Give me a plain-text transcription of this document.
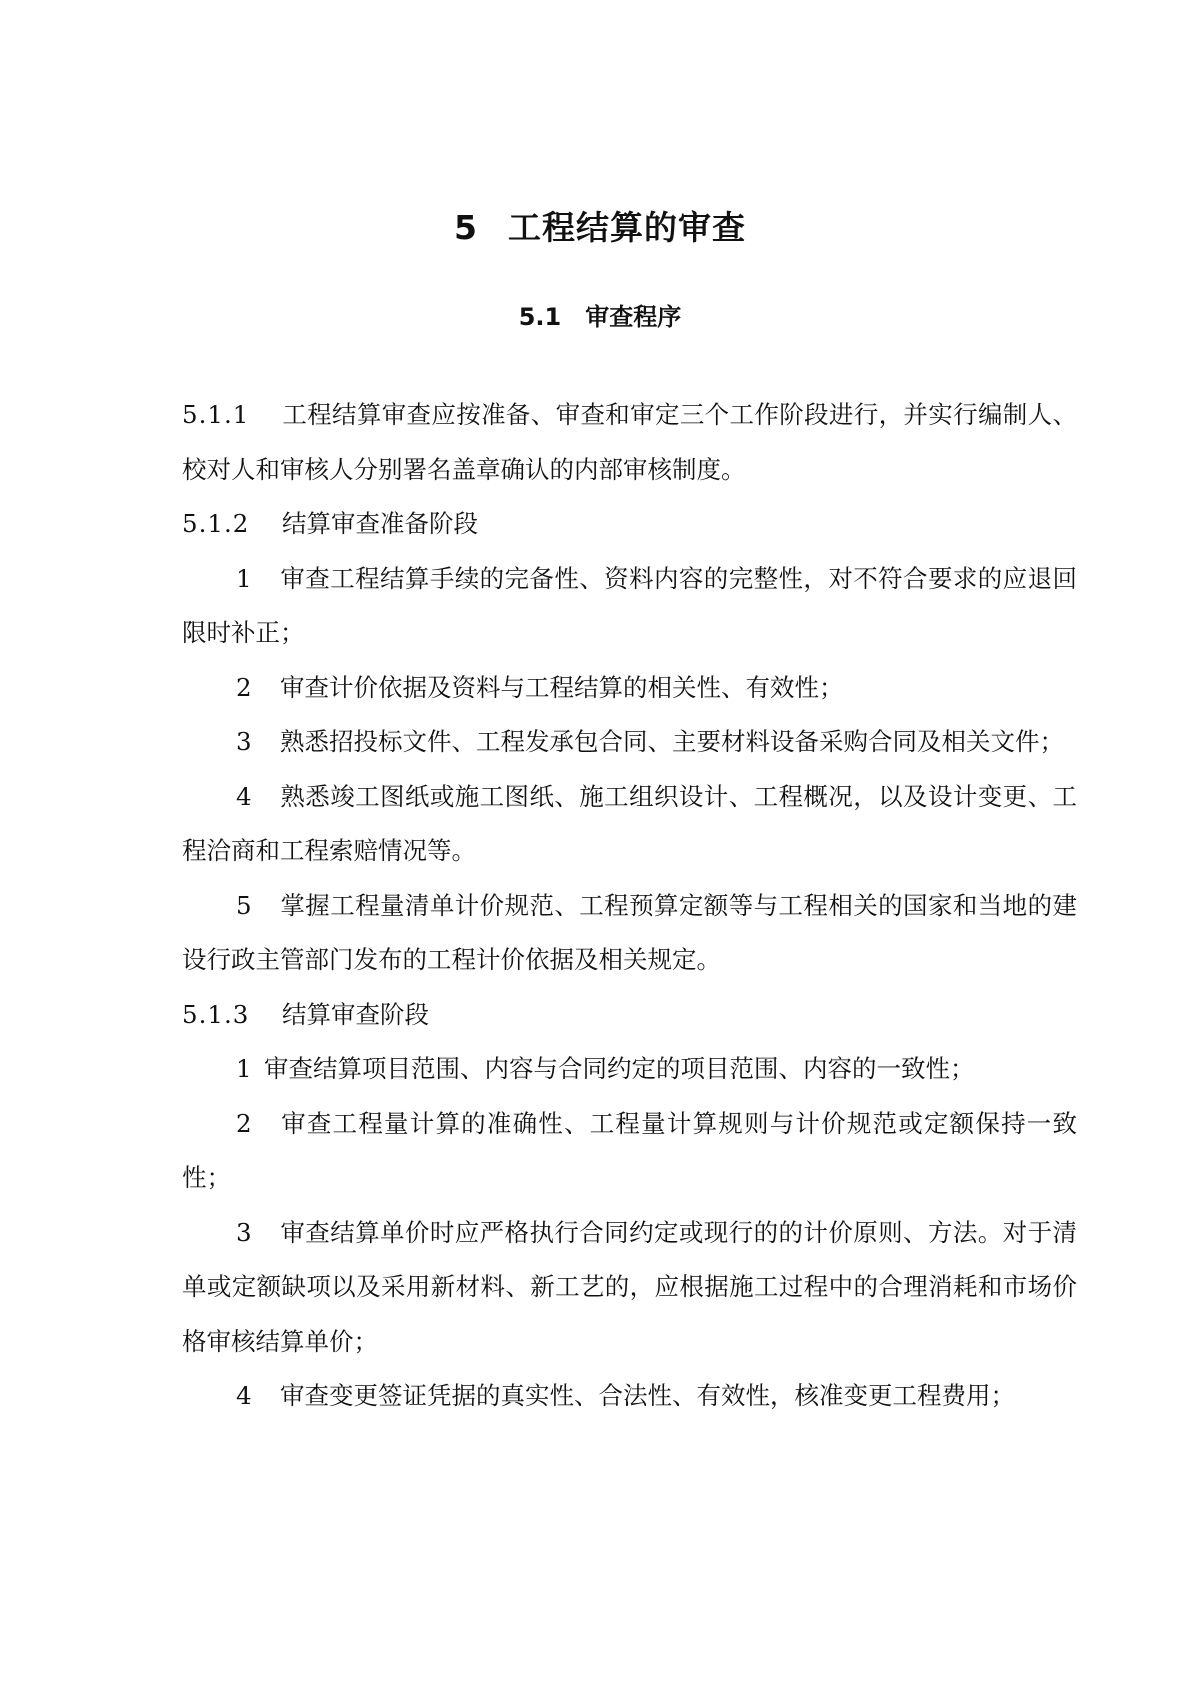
5 工程结算的审查
5.1 审查程序

5.1.1 工程结算审查应按准备、审查和审定三个工作阶段进行，并实行编制人、校对人和审核人分别署名盖章确认的内部审核制度。

5.1.2 结算审查准备阶段

1 审查工程结算手续的完备性、资料内容的完整性，对不符合要求的应退回限时补正；

2 审查计价依据及资料与工程结算的相关性、有效性；

3 熟悉招投标文件、工程发承包合同、主要材料设备采购合同及相关文件；

4 熟悉竣工图纸或施工图纸、施工组织设计、工程概况，以及设计变更、工程洽商和工程索赔情况等。

5 掌握工程量清单计价规范、工程预算定额等与工程相关的国家和当地的建设行政主管部门发布的工程计价依据及相关规定。

5.1.3 结算审查阶段

1 审查结算项目范围、内容与合同约定的项目范围、内容的一致性；

2 审查工程量计算的准确性、工程量计算规则与计价规范或定额保持一致性；

3 审查结算单价时应严格执行合同约定或现行的的计价原则、方法。对于清单或定额缺项以及采用新材料、新工艺的，应根据施工过程中的合理消耗和市场价格审核结算单价；

4 审查变更签证凭据的真实性、合法性、有效性，核准变更工程费用；
